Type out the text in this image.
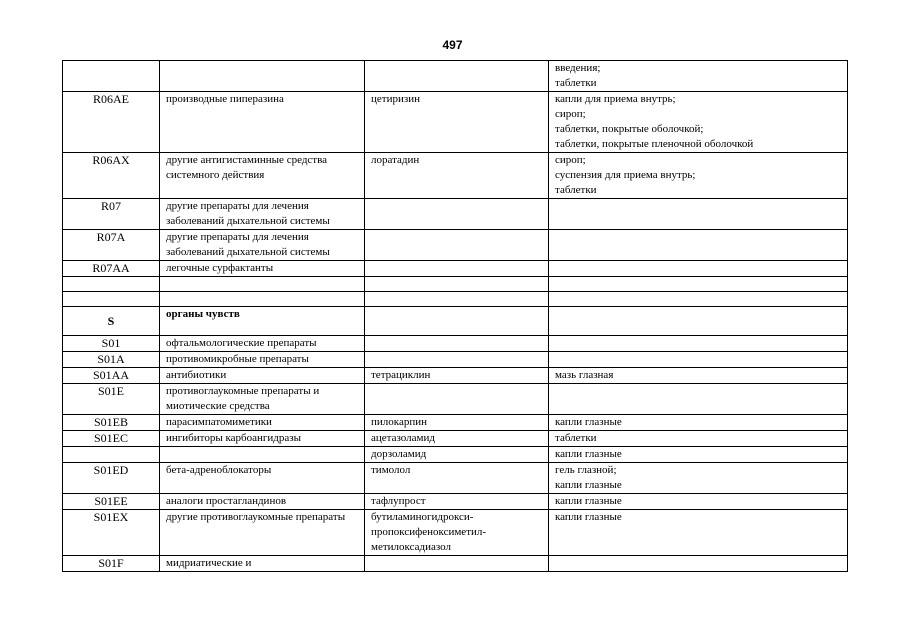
497
			введения;
таблетки
R06AE	производные пиперазина	цетиризин	капли для приема внутрь;
сироп;
таблетки, покрытые оболочкой;
таблетки, покрытые пленочной оболочкой
R06AX	другие антигистаминные средства системного действия	лоратадин	сироп;
суспензия для приема внутрь;
таблетки
R07	другие препараты для лечения заболеваний дыхательной системы		
R07A	другие препараты для лечения заболеваний дыхательной системы		
R07AA	легочные сурфактанты		

S	органы чувств		
S01	офтальмологические препараты		
S01A	противомикробные препараты		
S01AA	антибиотики	тетрациклин	мазь глазная
S01E	противоглаукомные препараты и миотические средства		
S01EB	парасимпатомиметики	пилокарпин	капли глазные
S01EC	ингибиторы карбоангидразы	ацетазоламид	таблетки
		дорзоламид	капли глазные
S01ED	бета-адреноблокаторы	тимолол	гель глазной;
капли глазные
S01EE	аналоги простагландинов	тафлупрост	капли глазные
S01EX	другие противоглаукомные препараты	бутиламиногидрокси-
пропоксифеноксиметил-
метилоксадиазол	капли глазные
S01F	мидриатические и		
